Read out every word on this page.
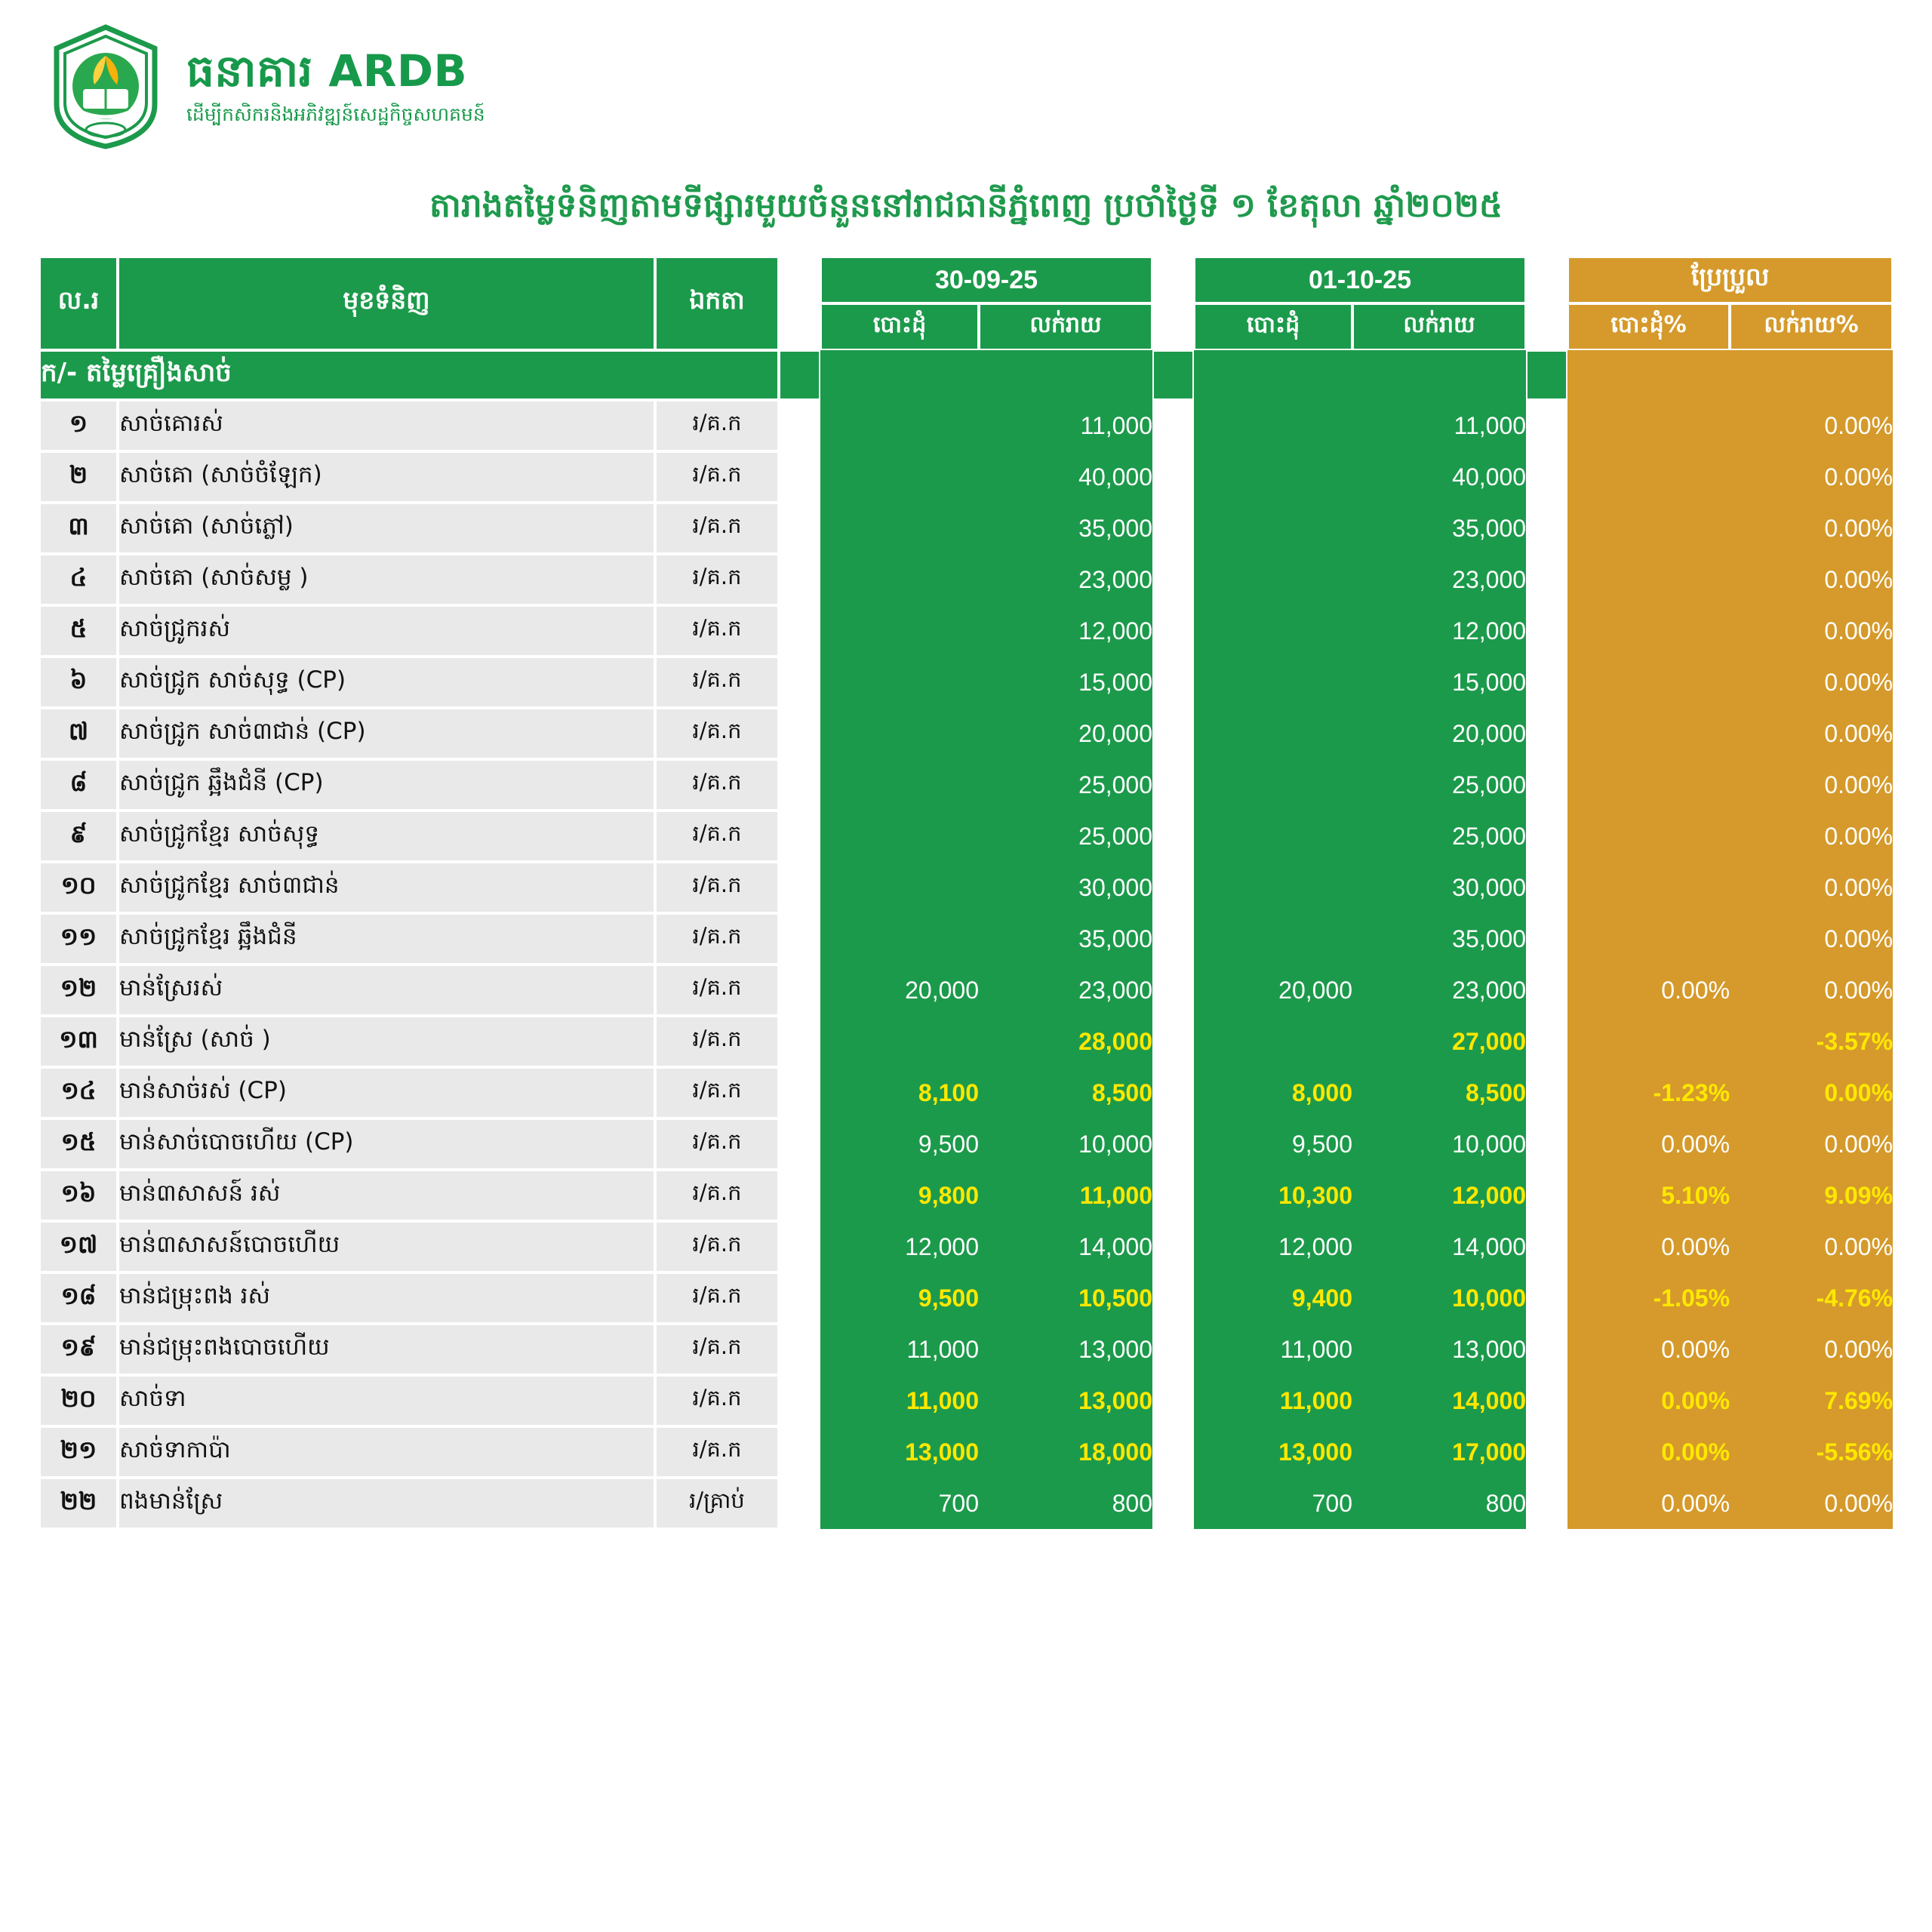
ធនាគារ ARDB
ដើម្បីកសិករនិងអភិវឌ្ឍន៍សេដ្ឋកិច្ចសហគមន៍
តារាងតម្លៃទំនិញតាមទីផ្សារមួយចំនួននៅរាជធានីភ្នំពេញ ប្រចាំថ្ងៃទី ១ ខែតុលា ឆ្នាំ២០២៥
ល.រ	មុខទំនិញ	ឯកតា		30-09-25			01-10-25			ប្រែប្រួល	
				បោះដុំ	លក់រាយ		បោះដុំ	លក់រាយ		បោះដុំ%	លក់រាយ%
ក/- តម្លៃគ្រឿងសាច់											
១	សាច់គោរស់	រ/គ.ក			11,000			11,000			0.00%
២	សាច់គោ (សាច់ចំឡែក)	រ/គ.ក			40,000			40,000			0.00%
៣	សាច់គោ (សាច់ភ្លៅ)	រ/គ.ក			35,000			35,000			0.00%
៤	សាច់គោ (សាច់សម្ល )	រ/គ.ក			23,000			23,000			0.00%
៥	សាច់ជ្រូករស់	រ/គ.ក			12,000			12,000			0.00%
៦	សាច់ជ្រូក សាច់សុទ្ធ (CP)	រ/គ.ក			15,000			15,000			0.00%
៧	សាច់ជ្រូក សាច់៣ជាន់ (CP)	រ/គ.ក			20,000			20,000			0.00%
៨	សាច់ជ្រូក ឆ្អឹងជំនី (CP)	រ/គ.ក			25,000			25,000			0.00%
៩	សាច់ជ្រូកខ្មែរ សាច់សុទ្ធ	រ/គ.ក			25,000			25,000			0.00%
១០	សាច់ជ្រូកខ្មែរ សាច់៣ជាន់	រ/គ.ក			30,000			30,000			0.00%
១១	សាច់ជ្រូកខ្មែរ ឆ្អឹងជំនី	រ/គ.ក			35,000			35,000			0.00%
១២	មាន់ស្រែរស់	រ/គ.ក		20,000	23,000		20,000	23,000		0.00%	0.00%
១៣	មាន់ស្រែ (សាច់ )	រ/គ.ក			28,000			27,000			-3.57%
១៤	មាន់សាច់រស់ (CP)	រ/គ.ក		8,100	8,500		8,000	8,500		-1.23%	0.00%
១៥	មាន់សាច់បោចហើយ (CP)	រ/គ.ក		9,500	10,000		9,500	10,000		0.00%	0.00%
១៦	មាន់៣សាសន៍ រស់	រ/គ.ក		9,800	11,000		10,300	12,000		5.10%	9.09%
១៧	មាន់៣សាសន៍បោចហើយ	រ/គ.ក		12,000	14,000		12,000	14,000		0.00%	0.00%
១៨	មាន់ជម្រុះពង រស់	រ/គ.ក		9,500	10,500		9,400	10,000		-1.05%	-4.76%
១៩	មាន់ជម្រុះពងបោចហើយ	រ/គ.ក		11,000	13,000		11,000	13,000		0.00%	0.00%
២០	សាច់ទា	រ/គ.ក		11,000	13,000		11,000	14,000		0.00%	7.69%
២១	សាច់ទាកាប៉ា	រ/គ.ក		13,000	18,000		13,000	17,000		0.00%	-5.56%
២២	ពងមាន់ស្រែ	រ/គ្រាប់		700	800		700	800		0.00%	0.00%
